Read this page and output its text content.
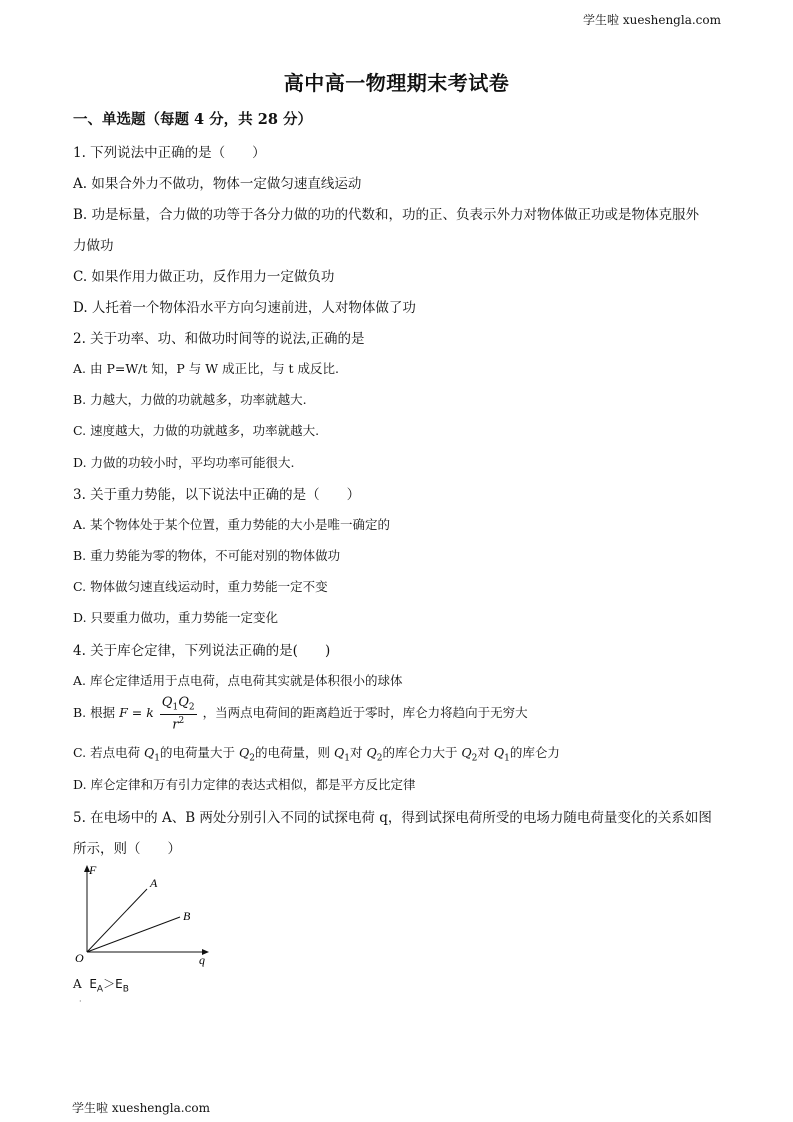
学生啦 xueshengla.com
高中高一物理期末考试卷
一、单选题（每题 4 分，共 28 分）
1. 下列说法中正确的是（　　）
A. 如果合外力不做功，物体一定做匀速直线运动
B. 功是标量，合力做的功等于各分力做的功的代数和，功的正、负表示外力对物体做正功或是物体克服外
力做功
C. 如果作用力做正功，反作用力一定做负功
D. 人托着一个物体沿水平方向匀速前进，人对物体做了功
2. 关于功率、功、和做功时间等的说法,正确的是
A. 由 P=W/t 知，P 与 W 成正比，与 t 成反比.
B. 力越大，力做的功就越多，功率就越大.
C. 速度越大，力做的功就越多，功率就越大.
D. 力做的功较小时，平均功率可能很大.
3. 关于重力势能，以下说法中正确的是（　　）
A. 某个物体处于某个位置，重力势能的大小是唯一确定的
B. 重力势能为零的物体，不可能对别的物体做功
C. 物体做匀速直线运动时，重力势能一定不变
D. 只要重力做功，重力势能一定变化
4. 关于库仑定律，下列说法正确的是(　　)
A. 库仑定律适用于点电荷，点电荷其实就是体积很小的球体
B. 根据 F = k $\frac{Q_1Q_2}{r^2}$ ，当两点电荷间的距离趋近于零时，库仑力将趋向于无穷大
C. 若点电荷 $Q_1$的电荷量大于 $Q_2$的电荷量，则 $Q_1$对 $Q_2$的库仑力大于 $Q_2$对 $Q_1$的库仑力
D. 库仑定律和万有引力定律的表达式相似，都是平方反比定律
5. 在电场中的 A、B 两处分别引入不同的试探电荷 q，得到试探电荷所受的电场力随电荷量变化的关系如图
所示，则（　　）
F
q
O
A
B
A $E_A>E_B$
·
学生啦 xueshengla.com
